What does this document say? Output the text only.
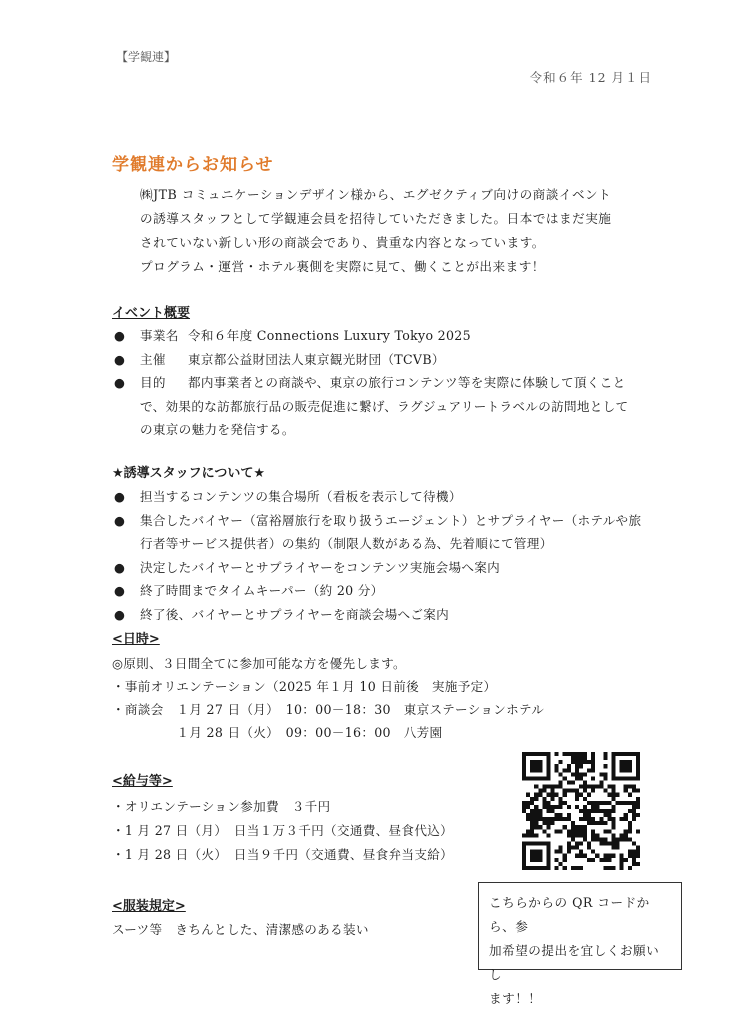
【学観連】
令和６年 12 月１日
学観連からお知らせ
㈱JTB コミュニケーションデザイン様から、エグゼクティブ向けの商談イベント
の誘導スタッフとして学観連会員を招待していただきました。日本ではまだ実施
されていない新しい形の商談会であり、貴重な内容となっています。
プログラム・運営・ホテル裏側を実際に見て、働くことが出来ます！
イベント概要
● 事業名 令和６年度 Connections Luxury Tokyo 2025
● 主催 東京都公益財団法人東京観光財団（TCVB）
● 目的 都内事業者との商談や、東京の旅行コンテンツ等を実際に体験して頂くこと
で、効果的な訪都旅行品の販売促進に繋げ、ラグジュアリートラベルの訪問地として
の東京の魅力を発信する。
★誘導スタッフについて★
● 担当するコンテンツの集合場所（看板を表示して待機）
● 集合したバイヤー（富裕層旅行を取り扱うエージェント）とサプライヤー（ホテルや旅
行者等サービス提供者）の集約（制限人数がある為、先着順にて管理）
● 決定したバイヤーとサプライヤーをコンテンツ実施会場へ案内
● 終了時間までタイムキーパー（約 20 分）
● 終了後、バイヤーとサプライヤーを商談会場へご案内
<日時>
◎原則、３日間全てに参加可能な方を優先します。
・事前オリエンテーション（2025 年１月 10 日前後　実施予定）
・商談会　１月 27 日（月）　10：00－18：30　東京ステーションホテル
　　　　　１月 28 日（火）　09：00－16：00　八芳園
<給与等>
・オリエンテーション参加費　３千円
・1 月 27 日（月）　日当１万３千円（交通費、昼食代込）
・1 月 28 日（火）　日当９千円（交通費、昼食弁当支給）
<服装規定>
スーツ等　きちんとした、清潔感のある装い
こちらからの QR コードから、参
加希望の提出を宜しくお願いし
ます！！
